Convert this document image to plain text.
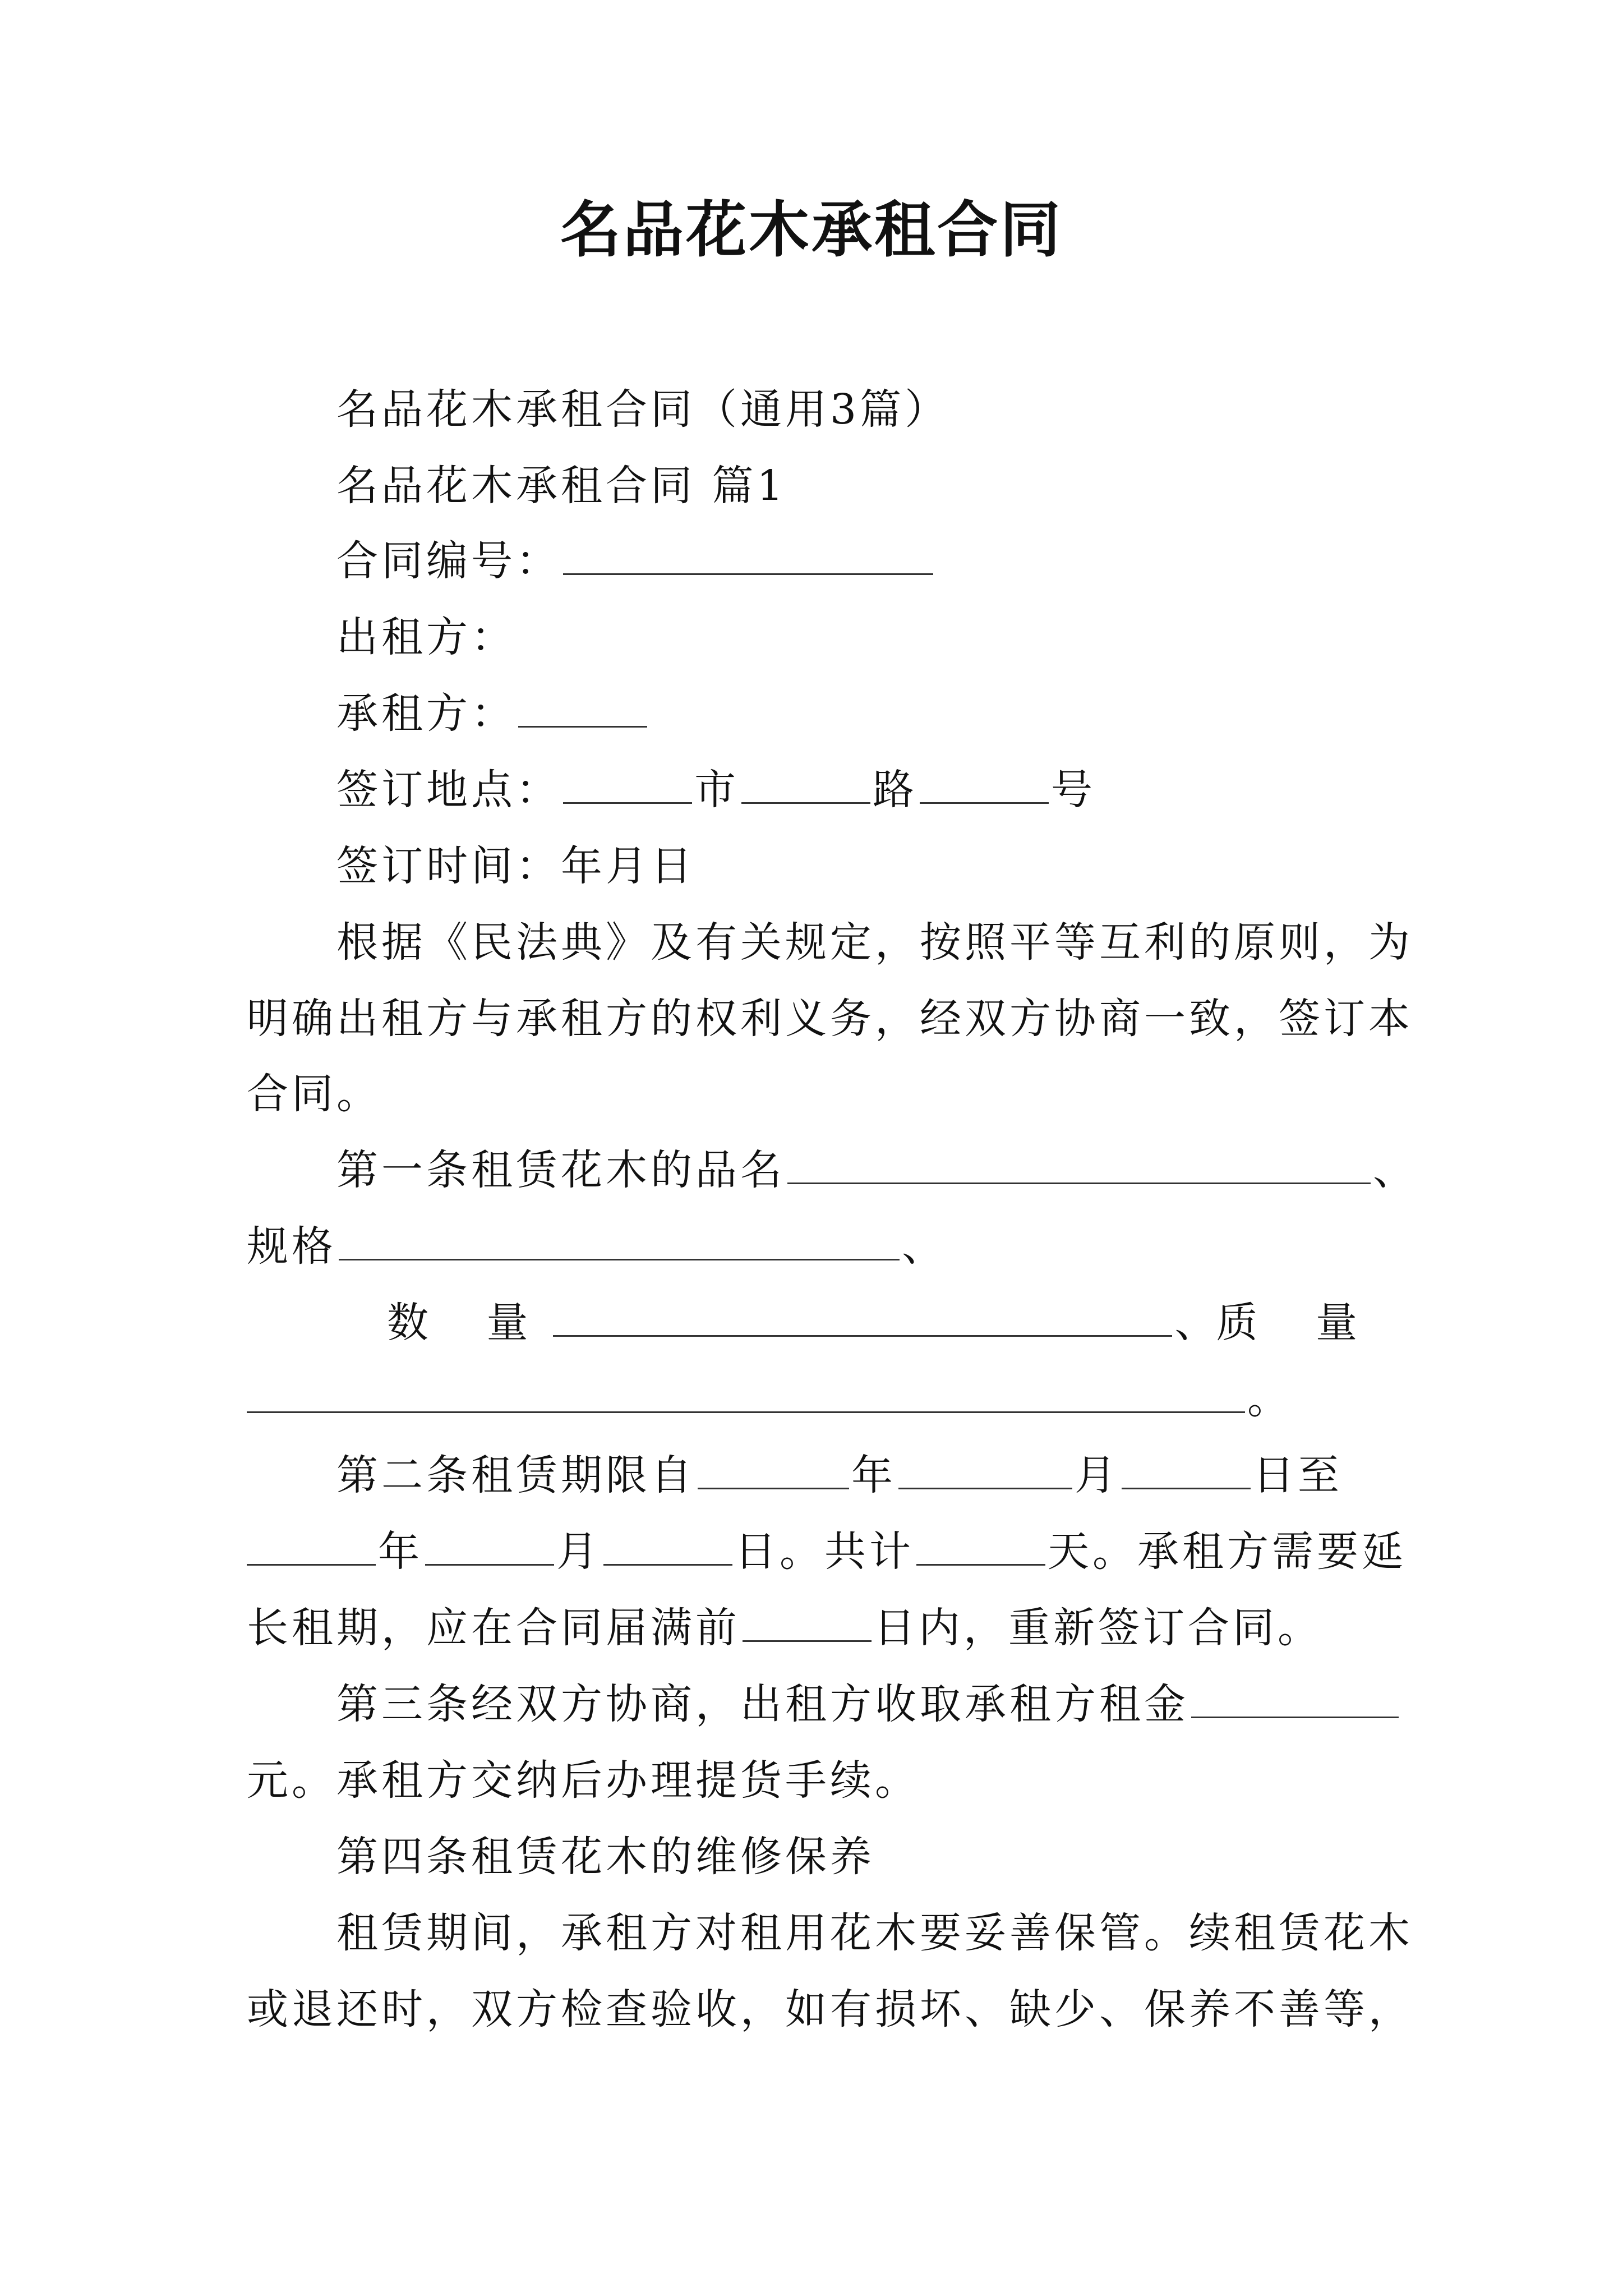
名品花木承租合同
名品花木承租合同（通用3篇）
名品花木承租合同 篇1
合同编号：
出租方：
承租方：
签订地点：	市	路	号
签订时间：年月日
根据《民法典》及有关规定，按照平等互利的原则，为
明确出租方与承租方的权利义务，经双方协商一致，签订本
合同。
第一条租赁花木的品名	、
规格	、
数 量	、 质 量
。
第二条租赁期限自	年	月	日至
年	月	日。共计	天。承租方需要延
长租期，应在合同届满前	日内，重新签订合同。
第三条经双方协商，出租方收取承租方租金
元。承租方交纳后办理提货手续。
第四条租赁花木的维修保养
租赁期间，承租方对租用花木要妥善保管。续租赁花木
或退还时，双方检查验收，如有损坏、缺少、保养不善等，
